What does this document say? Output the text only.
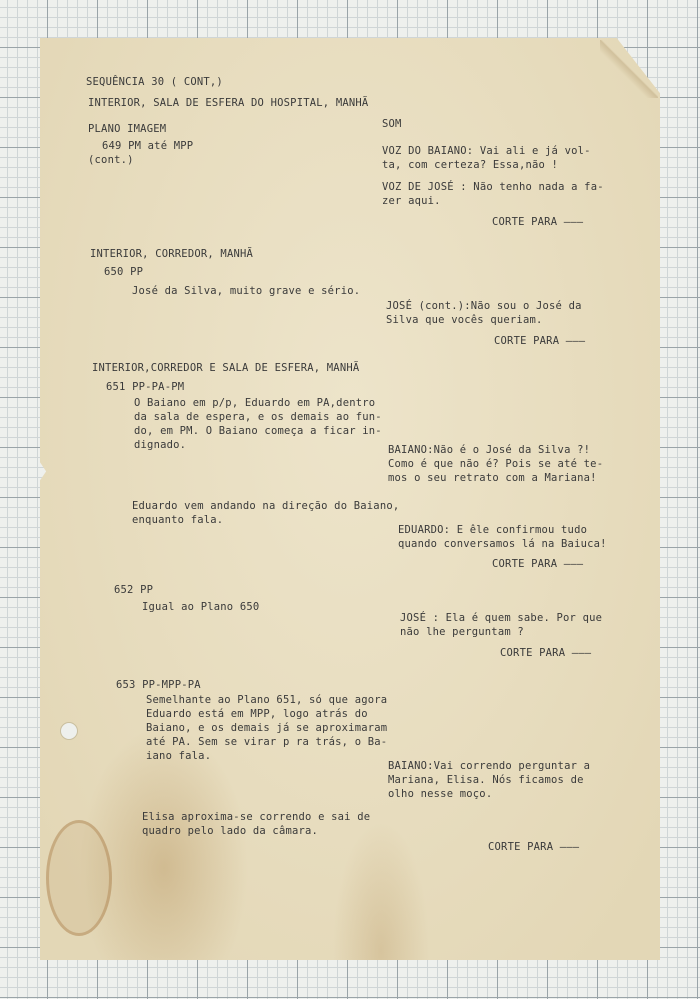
SEQUÊNCIA 30 ( CONT,)

INTERIOR, SALA DE ESFERA DO HOSPITAL, MANHÃ

PLANO IMAGEM	SOM

649 PM até MPP

(cont.)

VOZ DO BAIANO: Vai ali e já vol-

ta, com certeza? Essa,não !

VOZ DE JOSÉ : Não tenho nada a fa-

zer aqui.

CORTE PARA ———

INTERIOR, CORREDOR, MANHÃ

650 PP

José da Silva, muito grave e sério.

JOSÉ (cont.):Não sou o José da

Silva que vocês queriam.

CORTE PARA ———

INTERIOR,CORREDOR E SALA DE ESFERA, MANHÃ

651 PP-PA-PM

O Baiano em p/p, Eduardo em PA,dentro

da sala de espera, e os demais ao fun-

do, em PM. O Baiano começa a ficar in-

dignado.	BAIANO:Não é o José da Silva ?!

Como é que não é? Pois se até te-

mos o seu retrato com a Mariana!

Eduardo vem andando na direção do Baiano,

enquanto fala.

EDUARDO: E êle confirmou tudo

quando conversamos lá na Baiuca!

CORTE PARA ———

652 PP

Igual ao Plano 650

JOSÉ : Ela é quem sabe. Por que

não lhe perguntam ?

CORTE PARA ———

653 PP-MPP-PA

Semelhante ao Plano 651, só que agora

Eduardo está em MPP, logo atrás do

Baiano, e os demais já se aproximaram

até PA. Sem se virar p ra trás, o Ba-

iano fala.

BAIANO:Vai correndo perguntar a

Mariana, Elisa. Nós ficamos de

olho nesse moço.

Elisa aproxima-se correndo e sai de

quadro pelo lado da câmara.

CORTE PARA ———
